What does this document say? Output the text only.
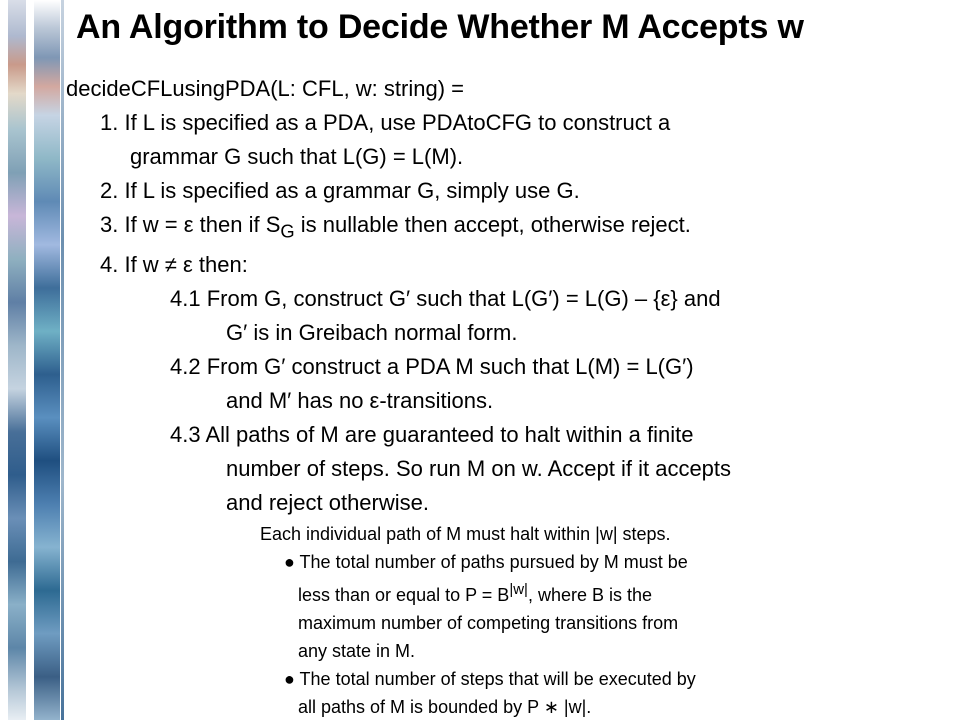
An Algorithm to Decide Whether M Accepts w
decideCFLusingPDA(L: CFL, w: string) =
1. If L is specified as a PDA, use PDAtoCFG to construct a
grammar G such that L(G) = L(M).
2. If L is specified as a grammar G, simply use G.
3. If w = ε then if $S_G$ is nullable then accept, otherwise reject.
4. If w ≠ ε then:
4.1 From G, construct G′ such that L(G′) = L(G) – {ε} and
G′ is in Greibach normal form.
4.2 From G′ construct a PDA M such that L(M) = L(G′)
and M′ has no ε-transitions.
4.3 All paths of M are guaranteed to halt within a finite
number of steps. So run M on w. Accept if it accepts
and reject otherwise.
Each individual path of M must halt within |w| steps.
● The total number of paths pursued by M must be
less than or equal to $P = B^{|w|}$, where B is the
maximum number of competing transitions from
any state in M.
● The total number of steps that will be executed by
all paths of M is bounded by P ∗ |w|.
